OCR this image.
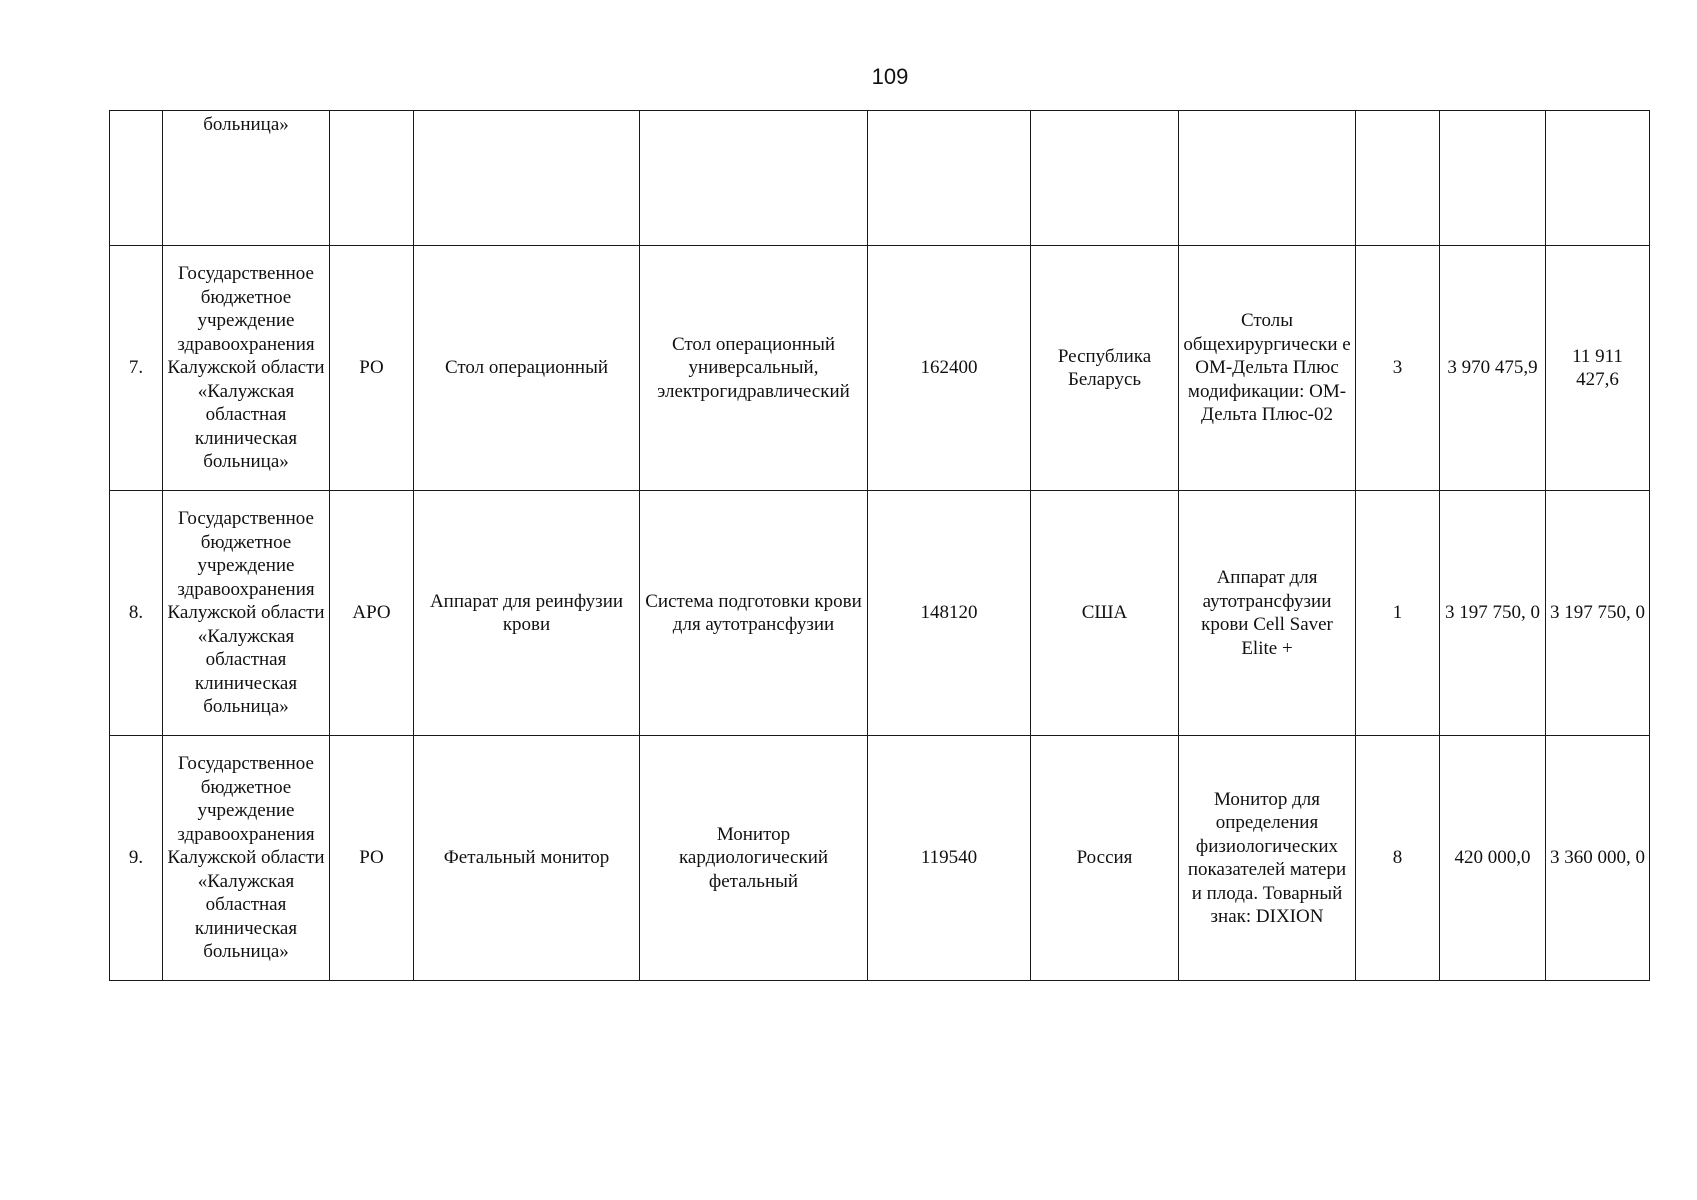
109
	больница»									
7.	Государственное бюджетное учреждение здравоохранения Калужской области «Калужская областная клиническая больница»	РО	Стол операционный	Стол операционный универсальный, электрогидравлический	162400	Республика Беларусь	Столы общехирургически е ОМ-Дельта Плюс модификации: ОМ-Дельта Плюс-02	3	3 970 475,9	11 911 427,6
8.	Государственное бюджетное учреждение здравоохранения Калужской области «Калужская областная клиническая больница»	АРО	Аппарат для реинфузии крови	Система подготовки крови для аутотрансфузии	148120	США	Аппарат для аутотрансфузии крови Cell Saver Elite +	1	3 197 750, 0	3 197 750, 0
9.	Государственное бюджетное учреждение здравоохранения Калужской области «Калужская областная клиническая больница»	РО	Фетальный монитор	Монитор кардиологический фетальный	119540	Россия	Монитор для определения физиологических показателей матери и плода. Товарный знак: DIXION	8	420 000,0	3 360 000, 0
